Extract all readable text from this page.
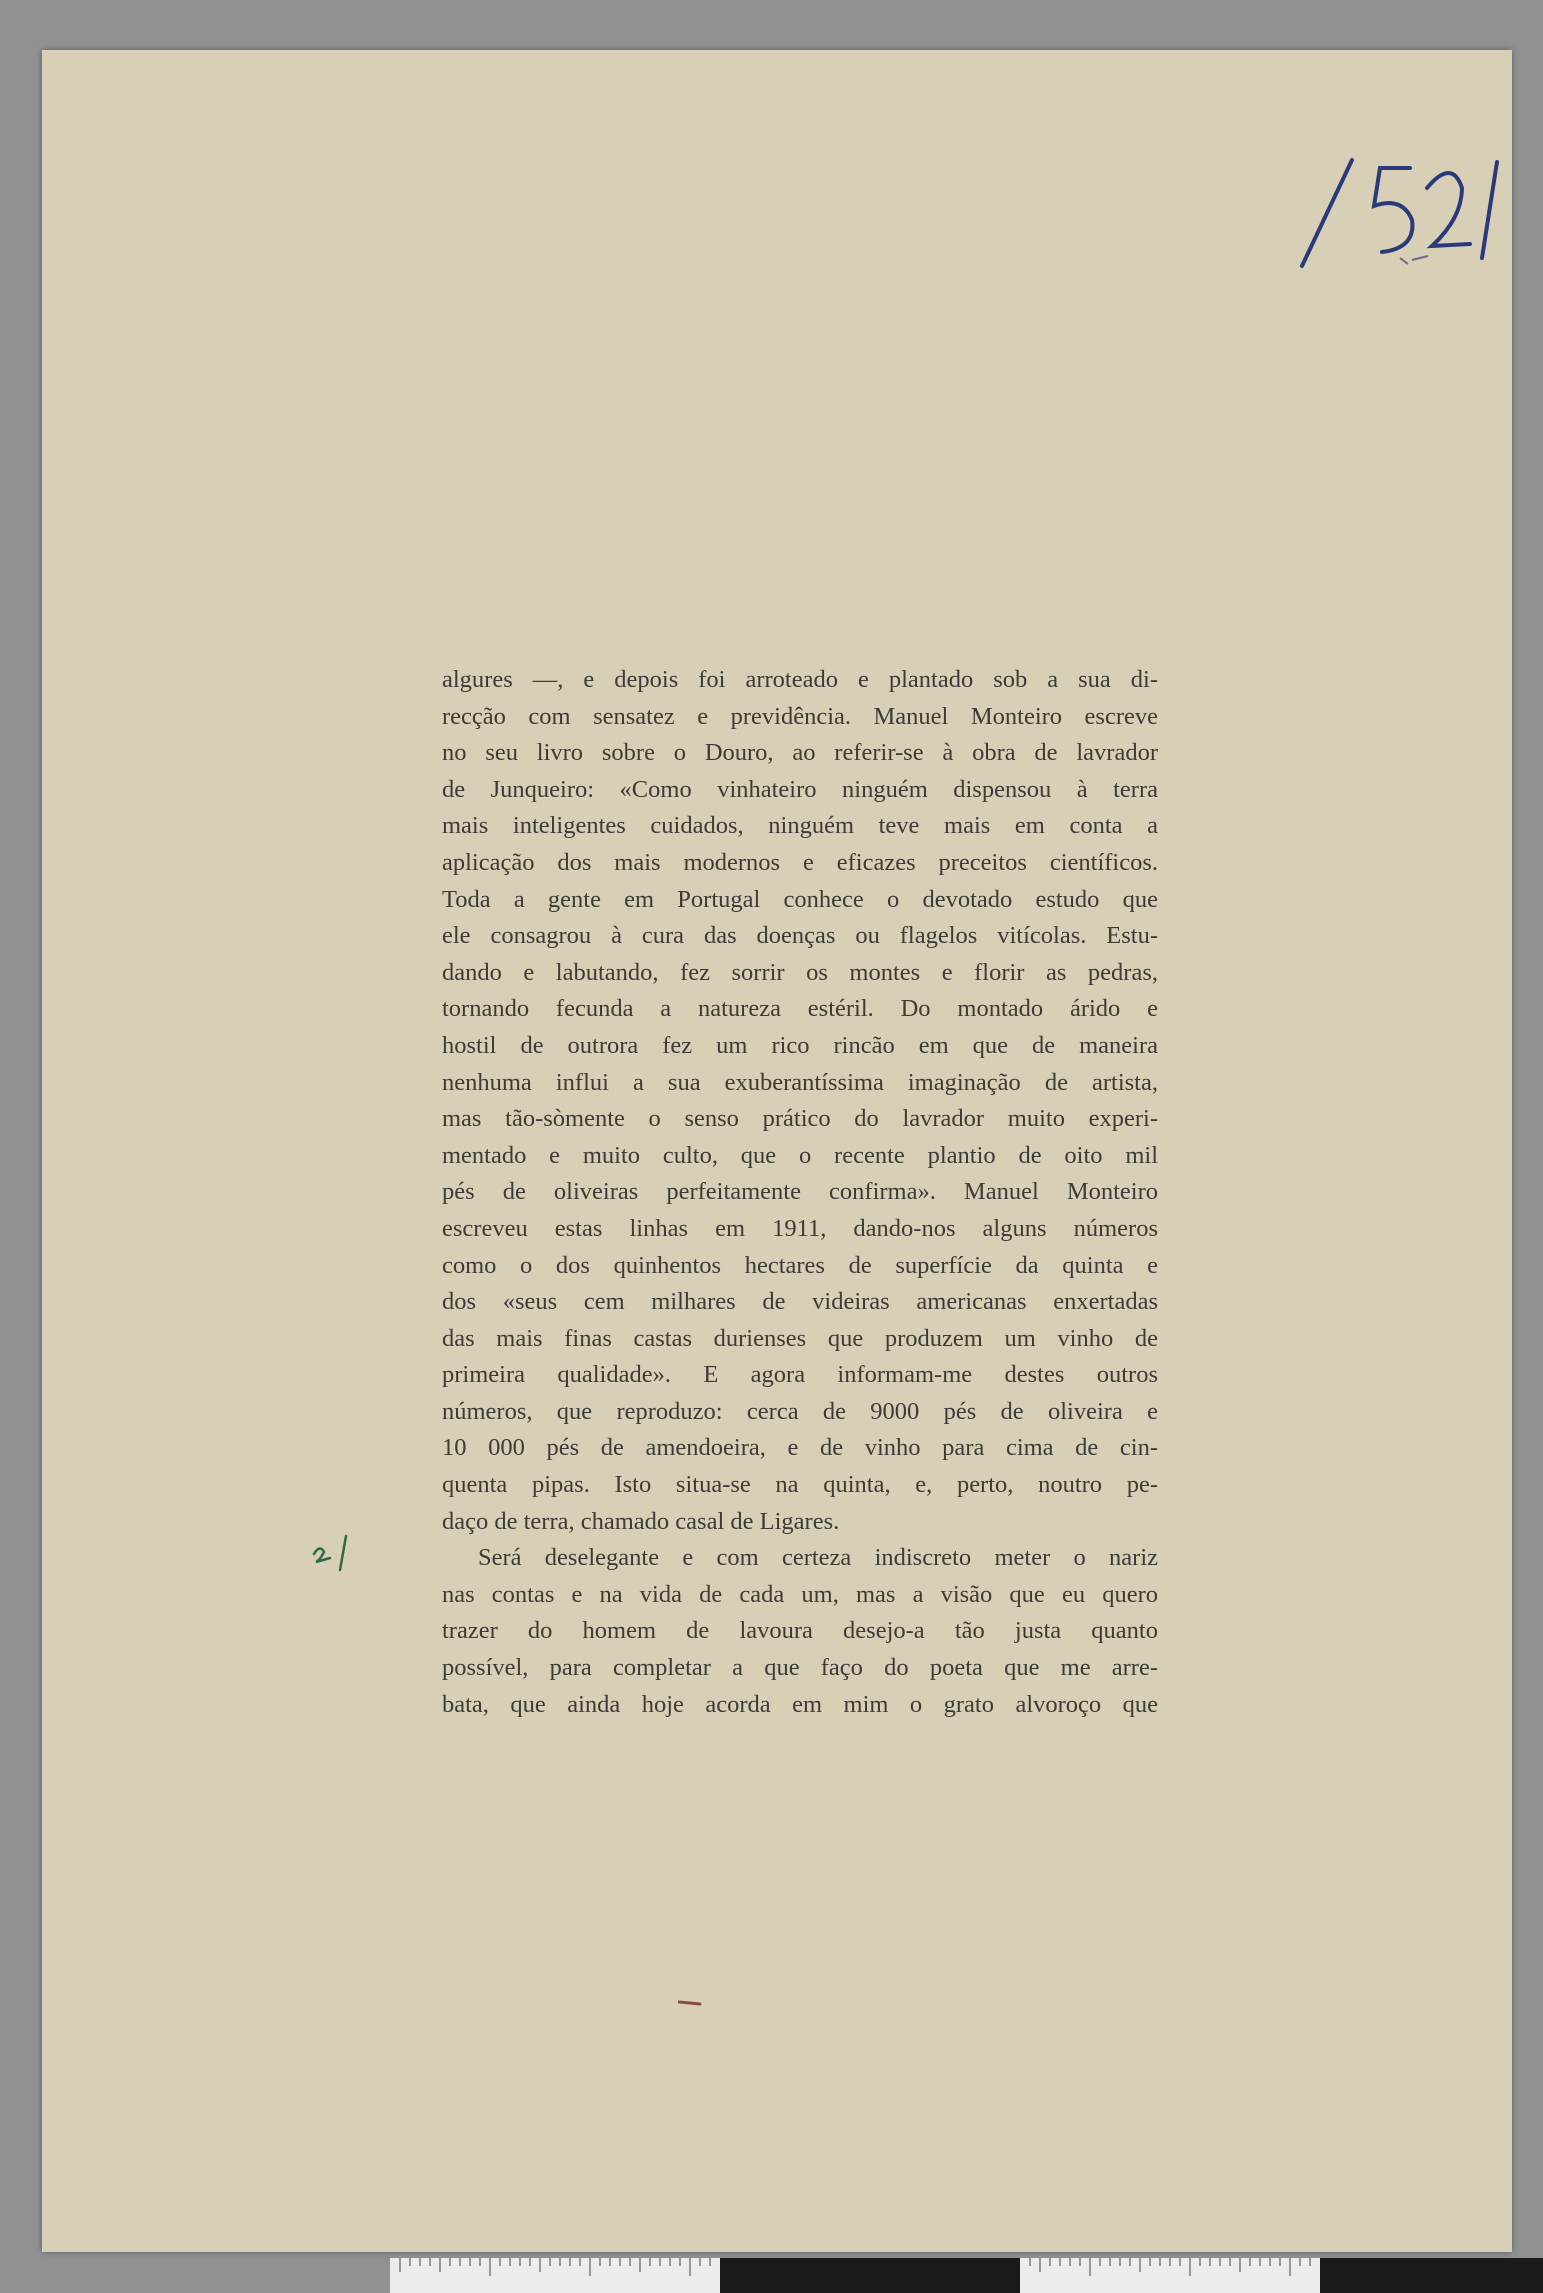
algures —, e depois foi arroteado e plantado sob a sua di-
recção com sensatez e previdência. Manuel Monteiro escreve
no seu livro sobre o Douro, ao referir-se à obra de lavrador
de Junqueiro: «Como vinhateiro ninguém dispensou à terra
mais inteligentes cuidados, ninguém teve mais em conta a
aplicação dos mais modernos e eficazes preceitos científicos.
Toda a gente em Portugal conhece o devotado estudo que
ele consagrou à cura das doenças ou flagelos vitícolas. Estu-
dando e labutando, fez sorrir os montes e florir as pedras,
tornando fecunda a natureza estéril. Do montado árido e
hostil de outrora fez um rico rincão em que de maneira
nenhuma influi a sua exuberantíssima imaginação de artista,
mas tão-sòmente o senso prático do lavrador muito experi-
mentado e muito culto, que o recente plantio de oito mil
pés de oliveiras perfeitamente confirma». Manuel Monteiro
escreveu estas linhas em 1911, dando-nos alguns números
como o dos quinhentos hectares de superfície da quinta e
dos «seus cem milhares de videiras americanas enxertadas
das mais finas castas durienses que produzem um vinho de
primeira qualidade». E agora informam-me destes outros
números, que reproduzo: cerca de 9000 pés de oliveira e
10 000 pés de amendoeira, e de vinho para cima de cin-
quenta pipas. Isto situa-se na quinta, e, perto, noutro pe-
daço de terra, chamado casal de Ligares.

Será deselegante e com certeza indiscreto meter o nariz
nas contas e na vida de cada um, mas a visão que eu quero
trazer do homem de lavoura desejo-a tão justa quanto
possível, para completar a que faço do poeta que me arre-
bata, que ainda hoje acorda em mim o grato alvoroço que
